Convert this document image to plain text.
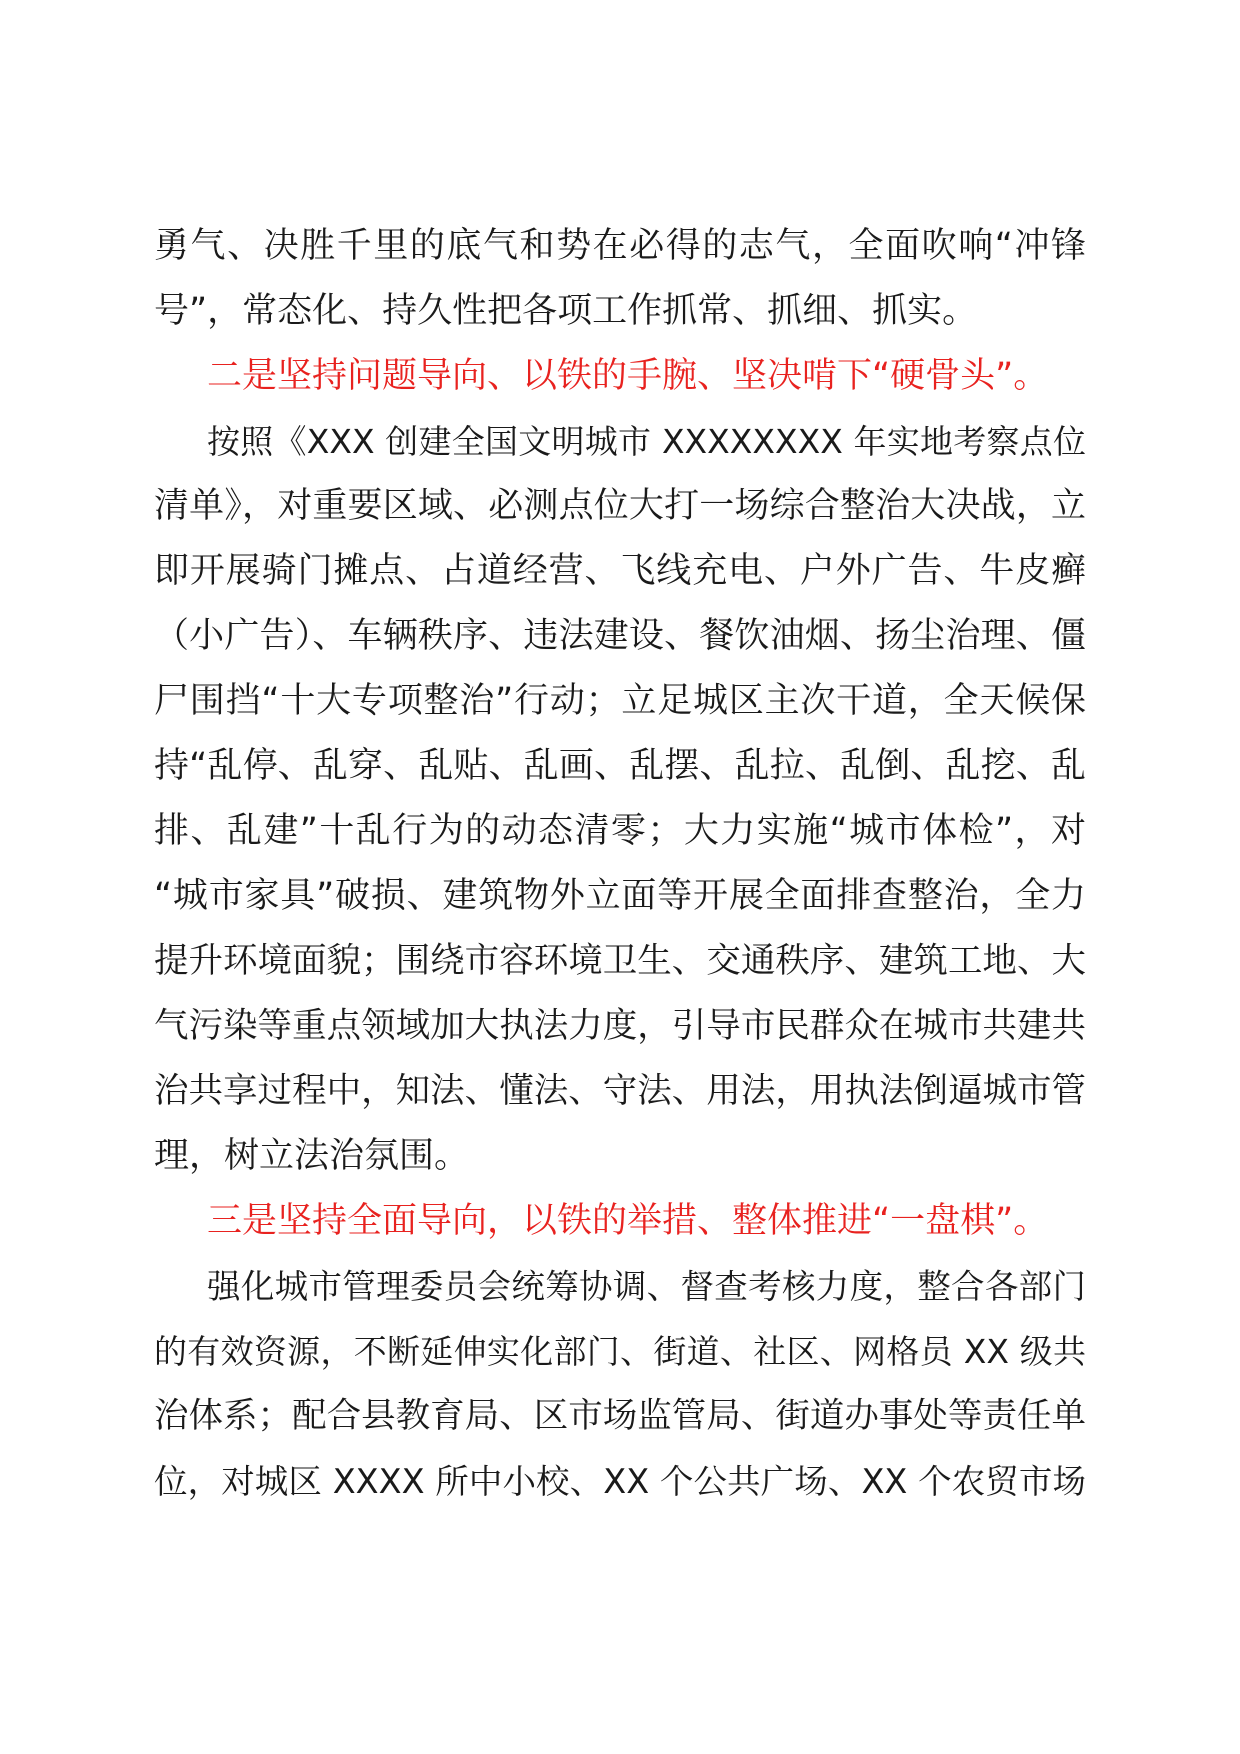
勇气、决胜千里的底气和势在必得的志气，全面吹响“冲锋
号”，常态化、持久性把各项工作抓常、抓细、抓实。
二是坚持问题导向、以铁的手腕、坚决啃下“硬骨头”。
按照《XXX 创建全国文明城市 XXXXXXXX 年实地考察点位
清单》，对重要区域、必测点位大打一场综合整治大决战，立
即开展骑门摊点、占道经营、飞线充电、户外广告、牛皮癣
（小广告）、车辆秩序、违法建设、餐饮油烟、扬尘治理、僵
尸围挡“十大专项整治”行动；立足城区主次干道，全天候保
持“乱停、乱穿、乱贴、乱画、乱摆、乱拉、乱倒、乱挖、乱
排、乱建”十乱行为的动态清零；大力实施“城市体检”，对
“城市家具”破损、建筑物外立面等开展全面排查整治，全力
提升环境面貌；围绕市容环境卫生、交通秩序、建筑工地、大
气污染等重点领域加大执法力度，引导市民群众在城市共建共
治共享过程中，知法、懂法、守法、用法，用执法倒逼城市管
理，树立法治氛围。
三是坚持全面导向，以铁的举措、整体推进“一盘棋”。
强化城市管理委员会统筹协调、督查考核力度，整合各部门
的有效资源，不断延伸实化部门、街道、社区、网格员 XX 级共
治体系；配合县教育局、区市场监管局、街道办事处等责任单
位，对城区 XXXX 所中小校、XX 个公共广场、XX 个农贸市场
